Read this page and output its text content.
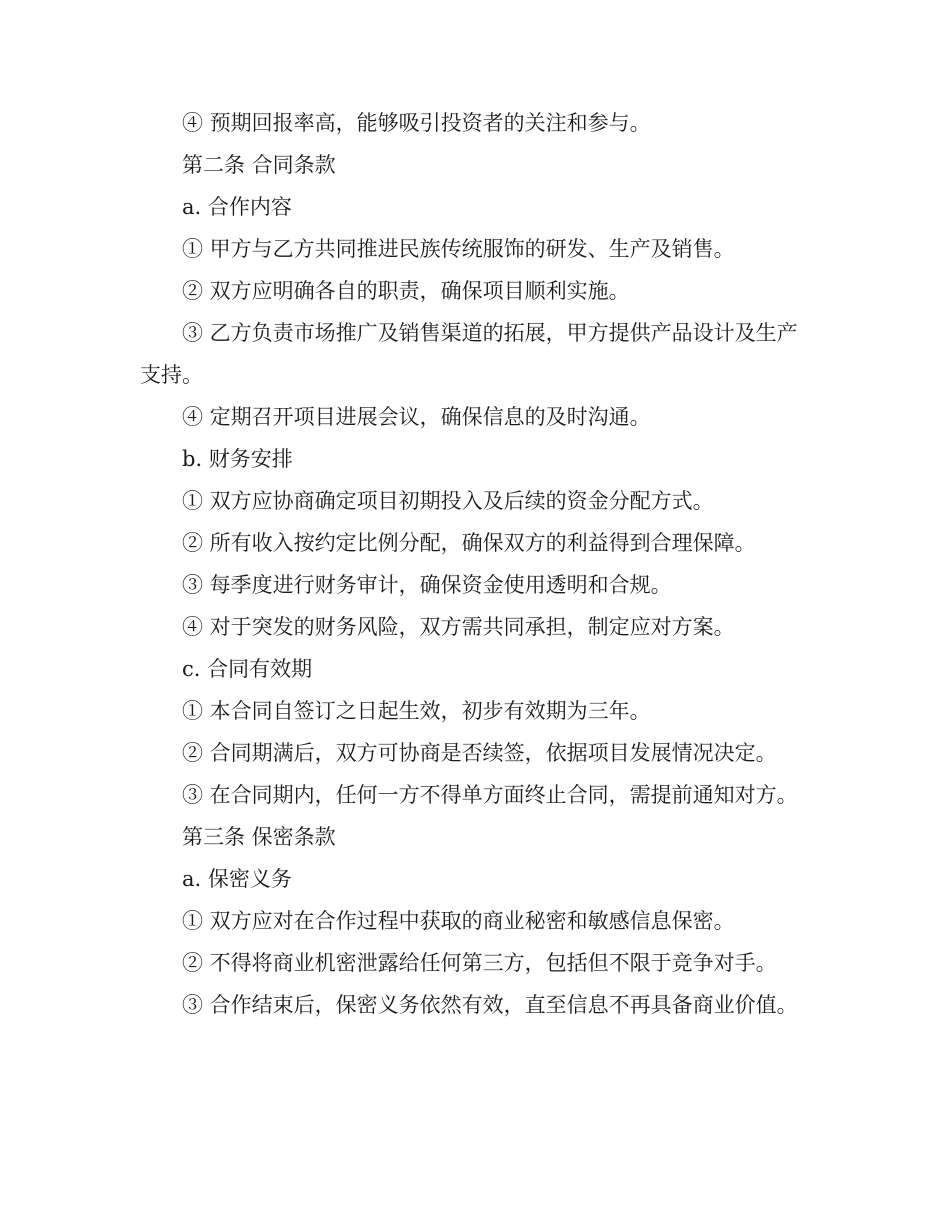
④ 预期回报率高，能够吸引投资者的关注和参与。

第二条 合同条款

a. 合作内容

① 甲方与乙方共同推进民族传统服饰的研发、生产及销售。

② 双方应明确各自的职责，确保项目顺利实施。

③ 乙方负责市场推广及销售渠道的拓展，甲方提供产品设计及生产支持。

④ 定期召开项目进展会议，确保信息的及时沟通。

b. 财务安排

① 双方应协商确定项目初期投入及后续的资金分配方式。

② 所有收入按约定比例分配，确保双方的利益得到合理保障。

③ 每季度进行财务审计，确保资金使用透明和合规。

④ 对于突发的财务风险，双方需共同承担，制定应对方案。

c. 合同有效期

① 本合同自签订之日起生效，初步有效期为三年。

② 合同期满后，双方可协商是否续签，依据项目发展情况决定。

③ 在合同期内，任何一方不得单方面终止合同，需提前通知对方。

第三条 保密条款

a. 保密义务

① 双方应对在合作过程中获取的商业秘密和敏感信息保密。

② 不得将商业机密泄露给任何第三方，包括但不限于竞争对手。

③ 合作结束后，保密义务依然有效，直至信息不再具备商业价值。
